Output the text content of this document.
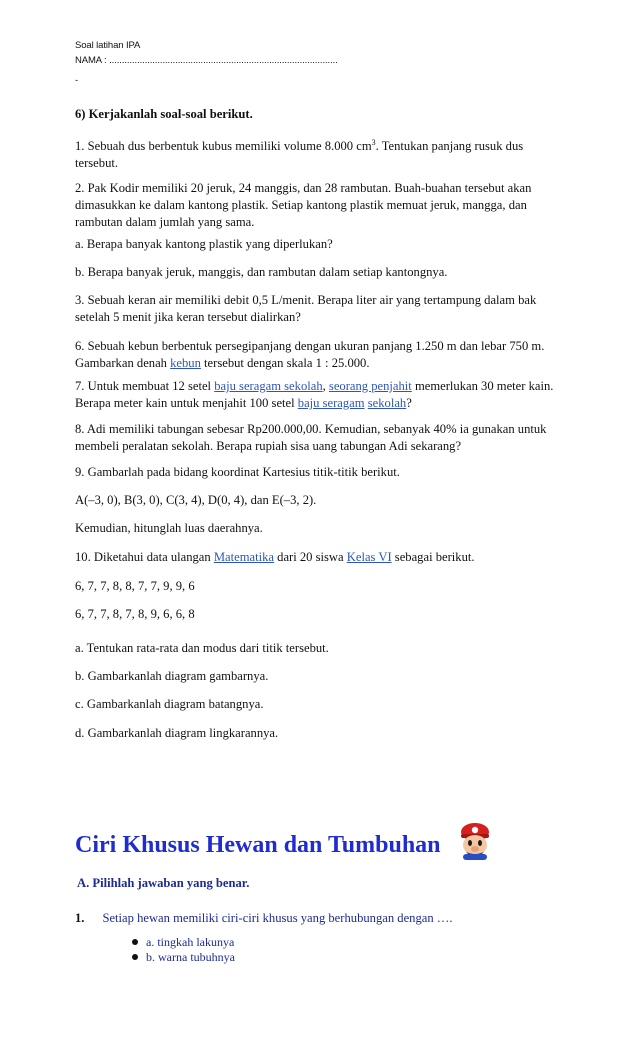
Soal latihan IPA
NAMA : ..........................................................................................
-

6) Kerjakanlah soal-soal berikut.

1. Sebuah dus berbentuk kubus memiliki volume 8.000 $cm^3$. Tentukan panjang rusuk dus tersebut.

2. Pak Kodir memiliki 20 jeruk, 24 manggis, dan 28 rambutan. Buah-buahan tersebut akan dimasukkan ke dalam kantong plastik. Setiap kantong plastik memuat jeruk, mangga, dan rambutan dalam jumlah yang sama.

a. Berapa banyak kantong plastik yang diperlukan?

b. Berapa banyak jeruk, manggis, dan rambutan dalam setiap kantongnya.

3. Sebuah keran air memiliki debit 0,5 L/menit. Berapa liter air yang tertampung dalam bak setelah 5 menit jika keran tersebut dialirkan?

6. Sebuah kebun berbentuk persegipanjang dengan ukuran panjang 1.250 m dan lebar 750 m. Gambarkan denah kebun tersebut dengan skala 1 : 25.000.

7. Untuk membuat 12 setel baju seragam sekolah, seorang penjahit memerlukan 30 meter kain. Berapa meter kain untuk menjahit 100 setel baju seragam sekolah?

8. Adi memiliki tabungan sebesar Rp200.000,00. Kemudian, sebanyak 40% ia gunakan untuk membeli peralatan sekolah. Berapa rupiah sisa uang tabungan Adi sekarang?

9. Gambarlah pada bidang koordinat Kartesius titik-titik berikut.

A(–3, 0), B(3, 0), C(3, 4), D(0, 4), dan E(–3, 2).

Kemudian, hitunglah luas daerahnya.

10. Diketahui data ulangan Matematika dari 20 siswa Kelas VI sebagai berikut.

6, 7, 7, 8, 8, 7, 7, 9, 9, 6

6, 7, 7, 8, 7, 8, 9, 6, 6, 8

a. Tentukan rata-rata dan modus dari titik tersebut.

b. Gambarkanlah diagram gambarnya.

c. Gambarkanlah diagram batangnya.

d. Gambarkanlah diagram lingkarannya.

Ciri Khusus Hewan dan Tumbuhan
A. Pilihlah jawaban yang benar.
1. Setiap hewan memiliki ciri-ciri khusus yang berhubungan dengan ….
a. tingkah lakunya
b. warna tubuhnya
